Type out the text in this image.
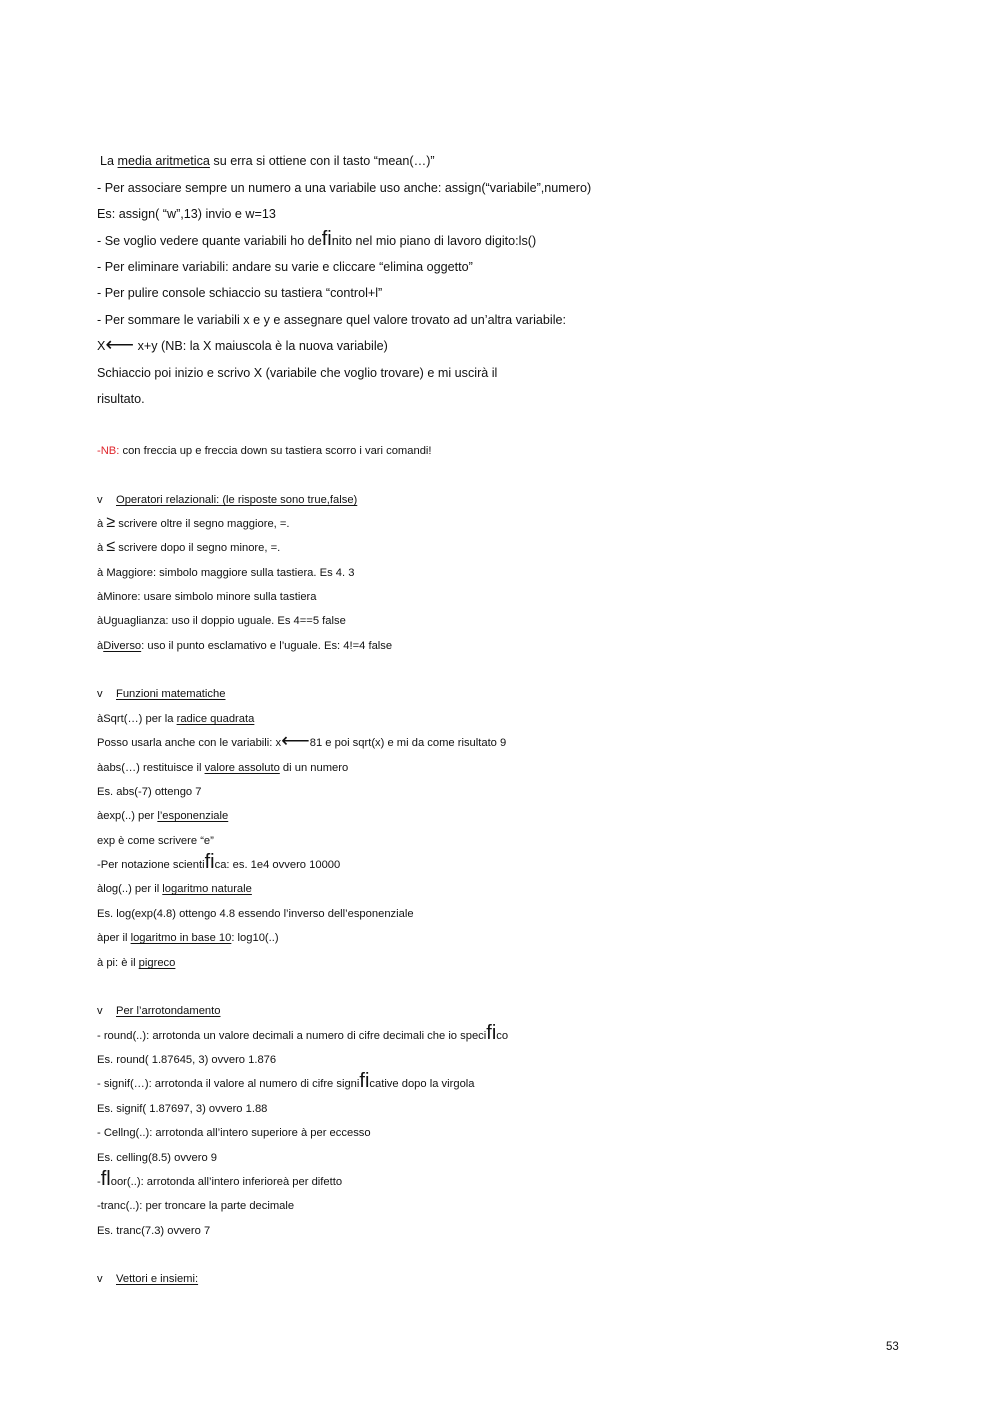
La media aritmetica su erra si ottiene con il tasto “mean(…)”
- Per associare sempre un numero a una variabile uso anche: assign(“variabile”,numero)
Es: assign( “w”,13) invio e w=13
- Se voglio vedere quante variabili ho definito nel mio piano di lavoro digito:ls()
- Per eliminare variabili: andare su varie e cliccare “elimina oggetto”
- Per pulire console schiaccio su tastiera “control+l”
- Per sommare le variabili x e y e assegnare quel valore trovato ad un’altra variabile:
X⟵ x+y (NB: la X maiuscola è la nuova variabile)
Schiaccio poi inizio e scrivo X (variabile che voglio trovare) e mi uscirà il
risultato.
-NB: con freccia up e freccia down su tastiera scorro i vari comandi!
v Operatori relazionali: (le risposte sono true,false)
à ≥ scrivere oltre il segno maggiore, =.
à ≤ scrivere dopo il segno minore, =.
à Maggiore: simbolo maggiore sulla tastiera. Es 4. 3
àMinore: usare simbolo minore sulla tastiera
àUguaglianza: uso il doppio uguale. Es 4==5 false
àDiverso: uso il punto esclamativo e l’uguale. Es: 4!=4 false
v Funzioni matematiche
àSqrt(…) per la radice quadrata
Posso usarla anche con le variabili: x⟵81 e poi sqrt(x) e mi da come risultato 9
àabs(…) restituisce il valore assoluto di un numero
Es. abs(-7) ottengo 7
àexp(..) per l’esponenziale
exp è come scrivere “e”
-Per notazione scientifica: es. 1e4 ovvero 10000
àlog(..) per il logaritmo naturale
Es. log(exp(4.8) ottengo 4.8 essendo l’inverso dell’esponenziale
àper il logaritmo in base 10: log10(..)
à pi: è il pigreco
v Per l’arrotondamento
- round(..): arrotonda un valore decimali a numero di cifre decimali che io specifico
Es. round( 1.87645, 3) ovvero 1.876
- signif(…): arrotonda il valore al numero di cifre significative dopo la virgola
Es. signif( 1.87697, 3) ovvero 1.88
- Cellng(..): arrotonda all’intero superiore à per eccesso
Es. celling(8.5) ovvero 9
-floor(..): arrotonda all’intero inferioreà per difetto
-tranc(..): per troncare la parte decimale
Es. tranc(7.3) ovvero 7
v Vettori e insiemi:
53
